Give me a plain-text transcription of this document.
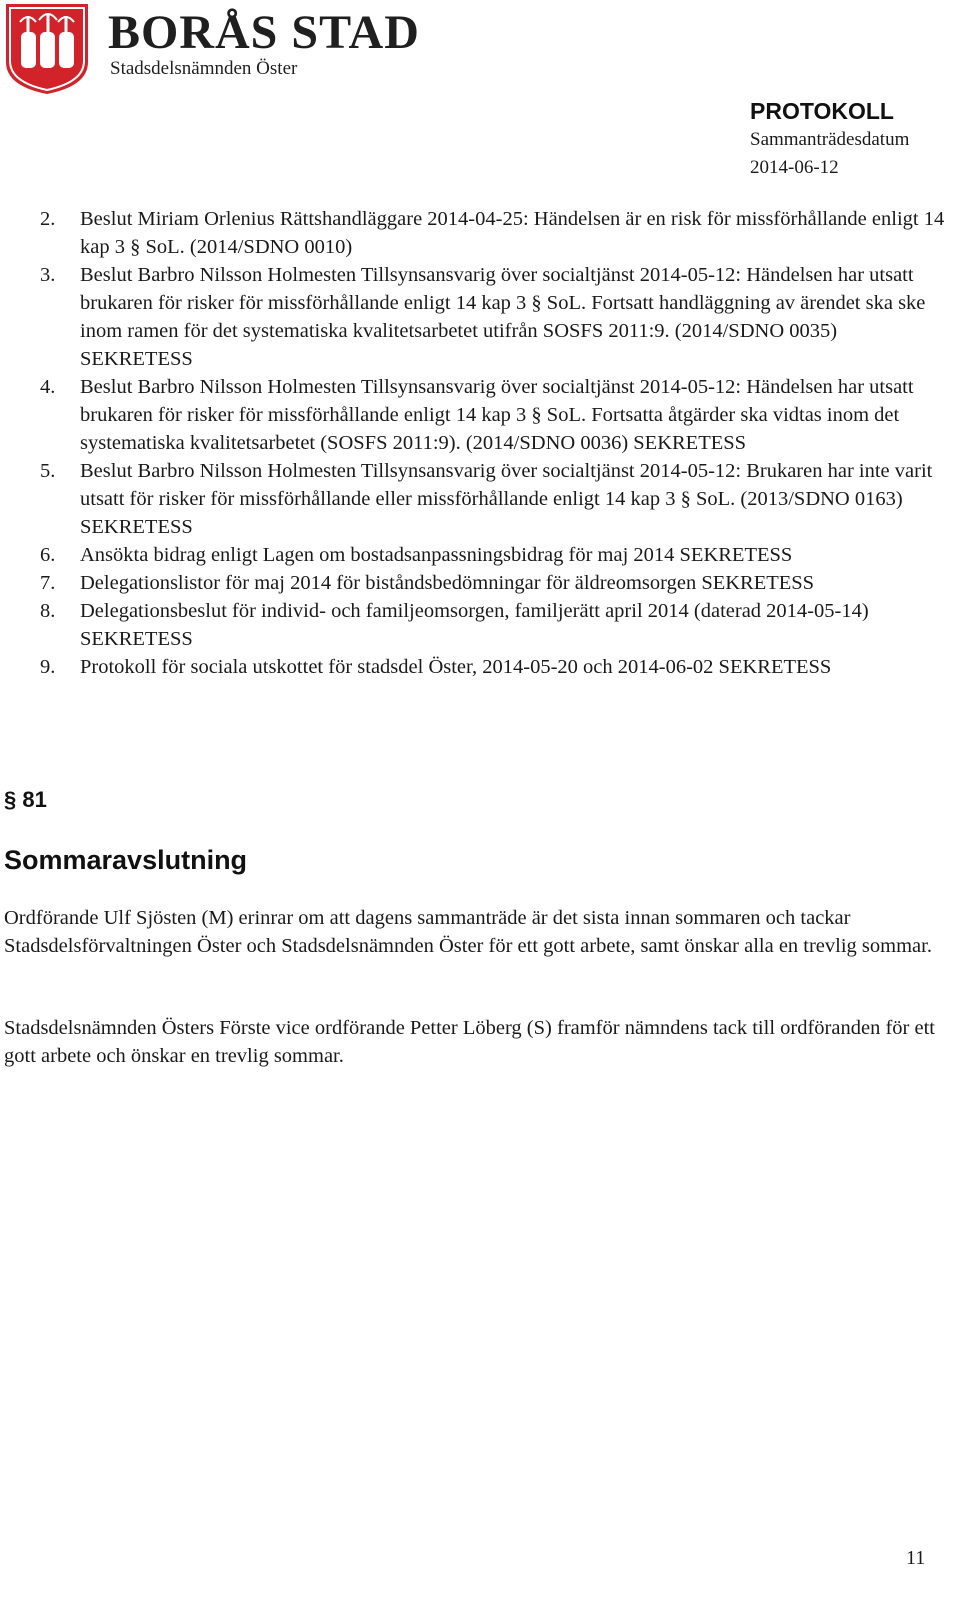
BORÅS STAD
Stadsdelsnämnden Öster
PROTOKOLL
Sammanträdesdatum
2014-06-12
2. Beslut Miriam Orlenius Rättshandläggare 2014-04-25: Händelsen är en risk för missförhållande enligt 14 kap 3 § SoL. (2014/SDNO 0010)
3. Beslut Barbro Nilsson Holmesten Tillsynsansvarig över socialtjänst 2014-05-12: Händelsen har utsatt brukaren för risker för missförhållande enligt 14 kap 3 § SoL. Fortsatt handläggning av ärendet ska ske inom ramen för det systematiska kvalitetsarbetet utifrån SOSFS 2011:9. (2014/SDNO 0035) SEKRETESS
4. Beslut Barbro Nilsson Holmesten Tillsynsansvarig över socialtjänst 2014-05-12: Händelsen har utsatt brukaren för risker för missförhållande enligt 14 kap 3 § SoL. Fortsatta åtgärder ska vidtas inom det systematiska kvalitetsarbetet (SOSFS 2011:9). (2014/SDNO 0036) SEKRETESS
5. Beslut Barbro Nilsson Holmesten Tillsynsansvarig över socialtjänst 2014-05-12: Brukaren har inte varit utsatt för risker för missförhållande eller missförhållande enligt 14 kap 3 § SoL. (2013/SDNO 0163) SEKRETESS
6. Ansökta bidrag enligt Lagen om bostadsanpassningsbidrag för maj 2014 SEKRETESS
7. Delegationslistor för maj 2014 för biståndsbedömningar för äldreomsorgen SEKRETESS
8. Delegationsbeslut för individ- och familjeomsorgen, familjerätt april 2014 (daterad 2014-05-14) SEKRETESS
9. Protokoll för sociala utskottet för stadsdel Öster, 2014-05-20 och 2014-06-02 SEKRETESS
§ 81
Sommaravslutning

Ordförande Ulf Sjösten (M) erinrar om att dagens sammanträde är det sista innan sommaren och tackar Stadsdelsförvaltningen Öster och Stadsdelsnämnden Öster för ett gott arbete, samt önskar alla en trevlig sommar.

Stadsdelsnämnden Östers Förste vice ordförande Petter Löberg (S) framför nämndens tack till ordföranden för ett gott arbete och önskar en trevlig sommar.

11
